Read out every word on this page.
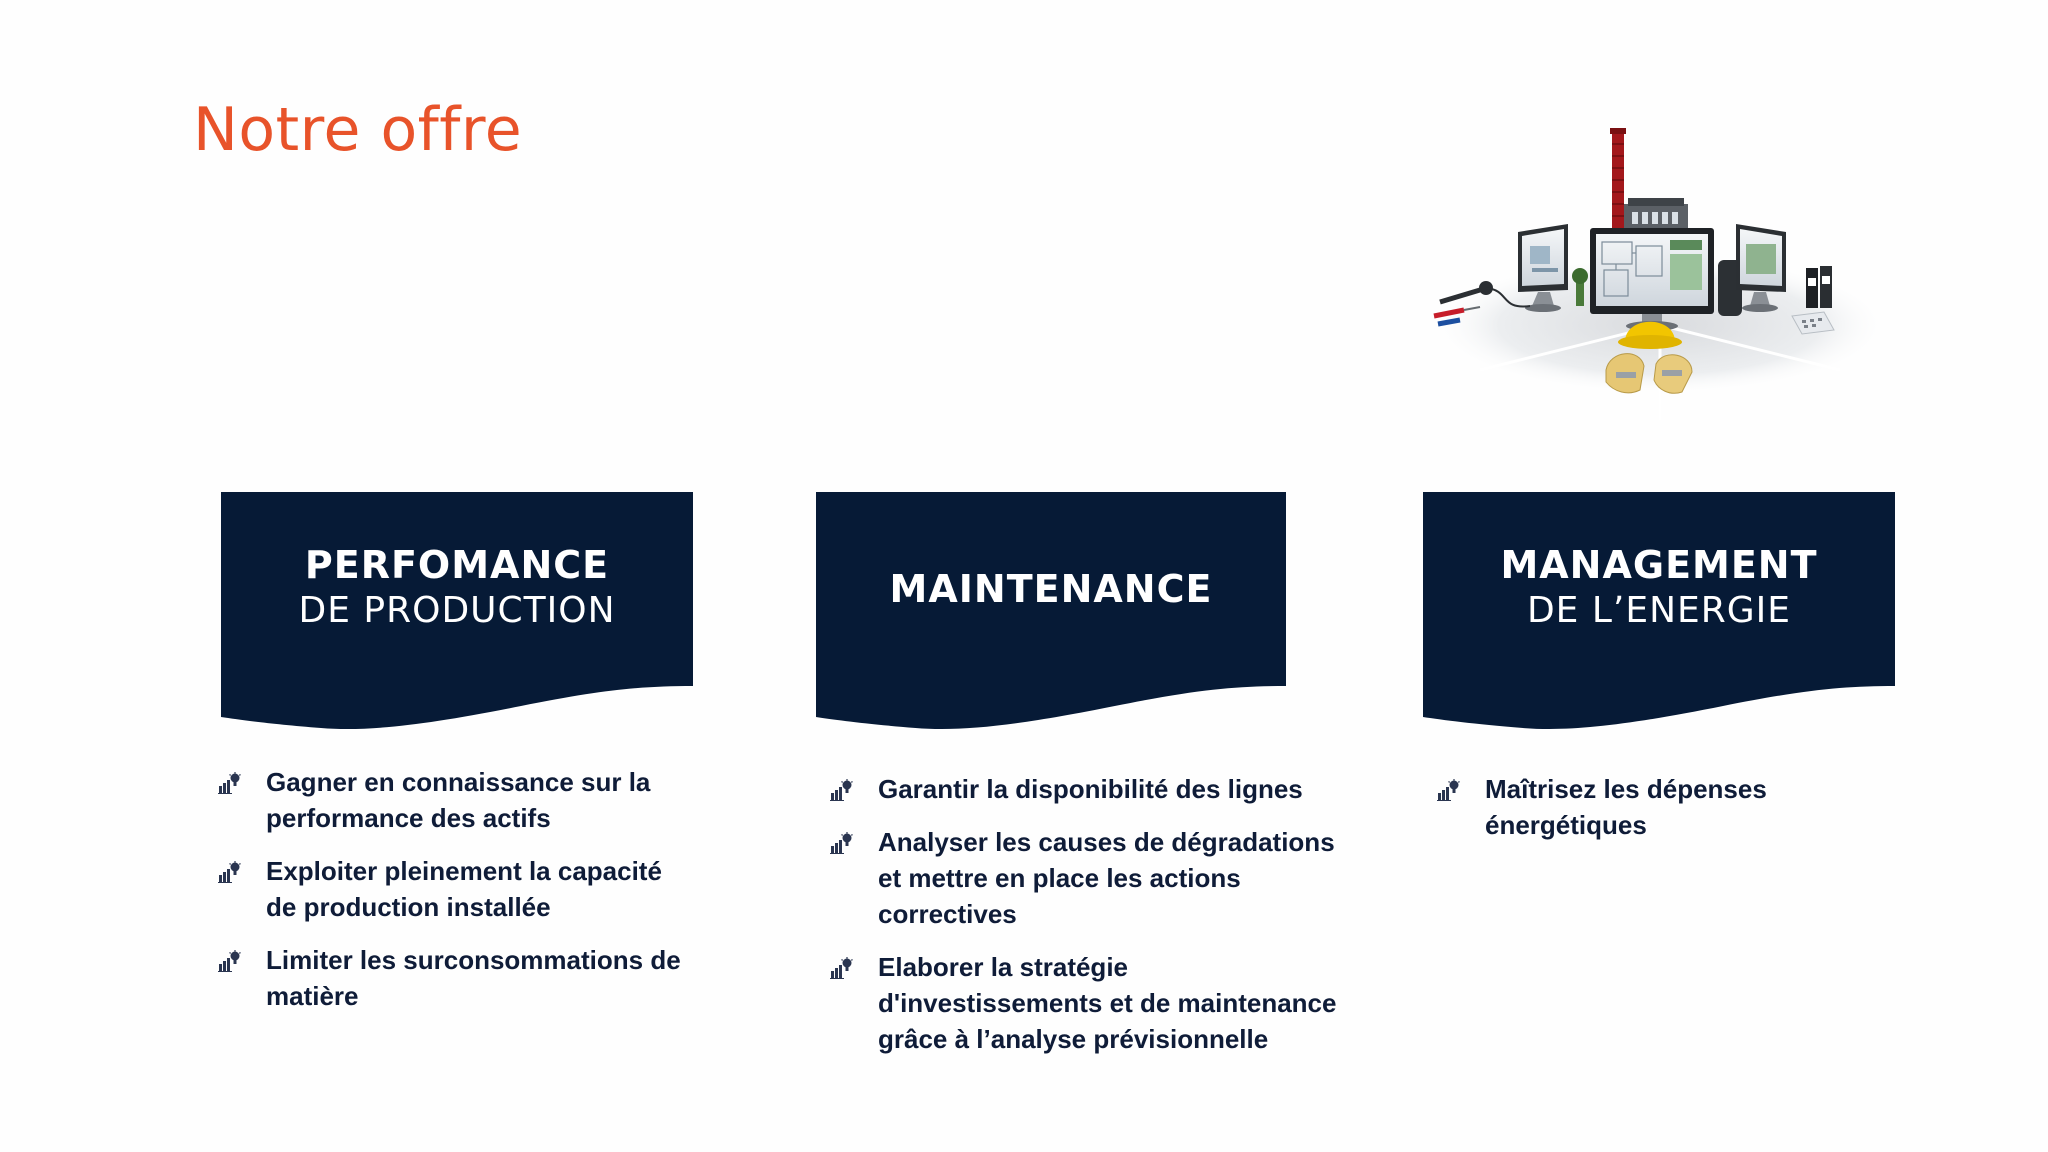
Notre offre
PERFOMANCE
DE PRODUCTION
Gagner en connaissance sur la performance des actifs
Exploiter pleinement la capacité de production installée
Limiter les surconsommations de matière
MAINTENANCE
Garantir la disponibilité des lignes
Analyser les causes de dégradations et mettre en place les actions correctives
Elaborer la stratégie d'investissements et de maintenance grâce à l’analyse prévisionnelle
MANAGEMENT
DE L’ENERGIE
Maîtrisez les dépenses énergétiques
